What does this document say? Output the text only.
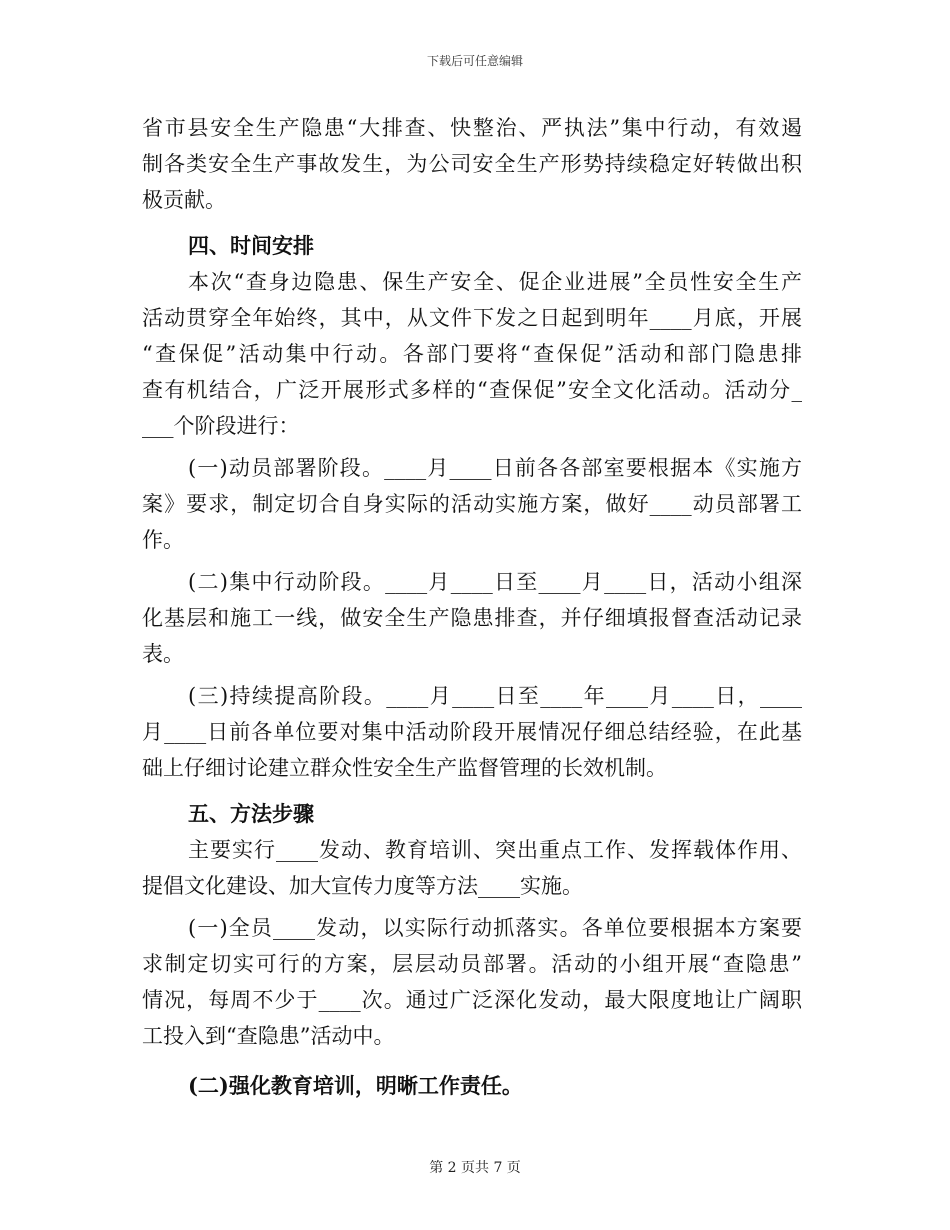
下载后可任意编辑
省市县安全生产隐患“大排查、快整治、严执法”集中行动，有效遏
制各类安全生产事故发生，为公司安全生产形势持续稳定好转做出积
极贡献。
四、时间安排
本次“查身边隐患、保生产安全、促企业进展”全员性安全生产
活动贯穿全年始终，其中，从文件下发之日起到明年____月底，开展
“查保促”活动集中行动。各部门要将“查保促”活动和部门隐患排
查有机结合，广泛开展形式多样的“查保促”安全文化活动。活动分_
___个阶段进行：
(一)动员部署阶段。____月____日前各各部室要根据本《实施方
案》要求，制定切合自身实际的活动实施方案，做好____动员部署工
作。
(二)集中行动阶段。____月____日至____月____日，活动小组深
化基层和施工一线，做安全生产隐患排查，并仔细填报督查活动记录
表。
(三)持续提高阶段。____月____日至____年____月____日，____
月____日前各单位要对集中活动阶段开展情况仔细总结经验，在此基
础上仔细讨论建立群众性安全生产监督管理的长效机制。
五、方法步骤
主要实行____发动、教育培训、突出重点工作、发挥载体作用、
提倡文化建设、加大宣传力度等方法____实施。
(一)全员____发动，以实际行动抓落实。各单位要根据本方案要
求制定切实可行的方案，层层动员部署。活动的小组开展“查隐患”
情况，每周不少于____次。通过广泛深化发动，最大限度地让广阔职
工投入到“查隐患”活动中。
(二)强化教育培训，明晰工作责任。
第 2 页共 7 页
